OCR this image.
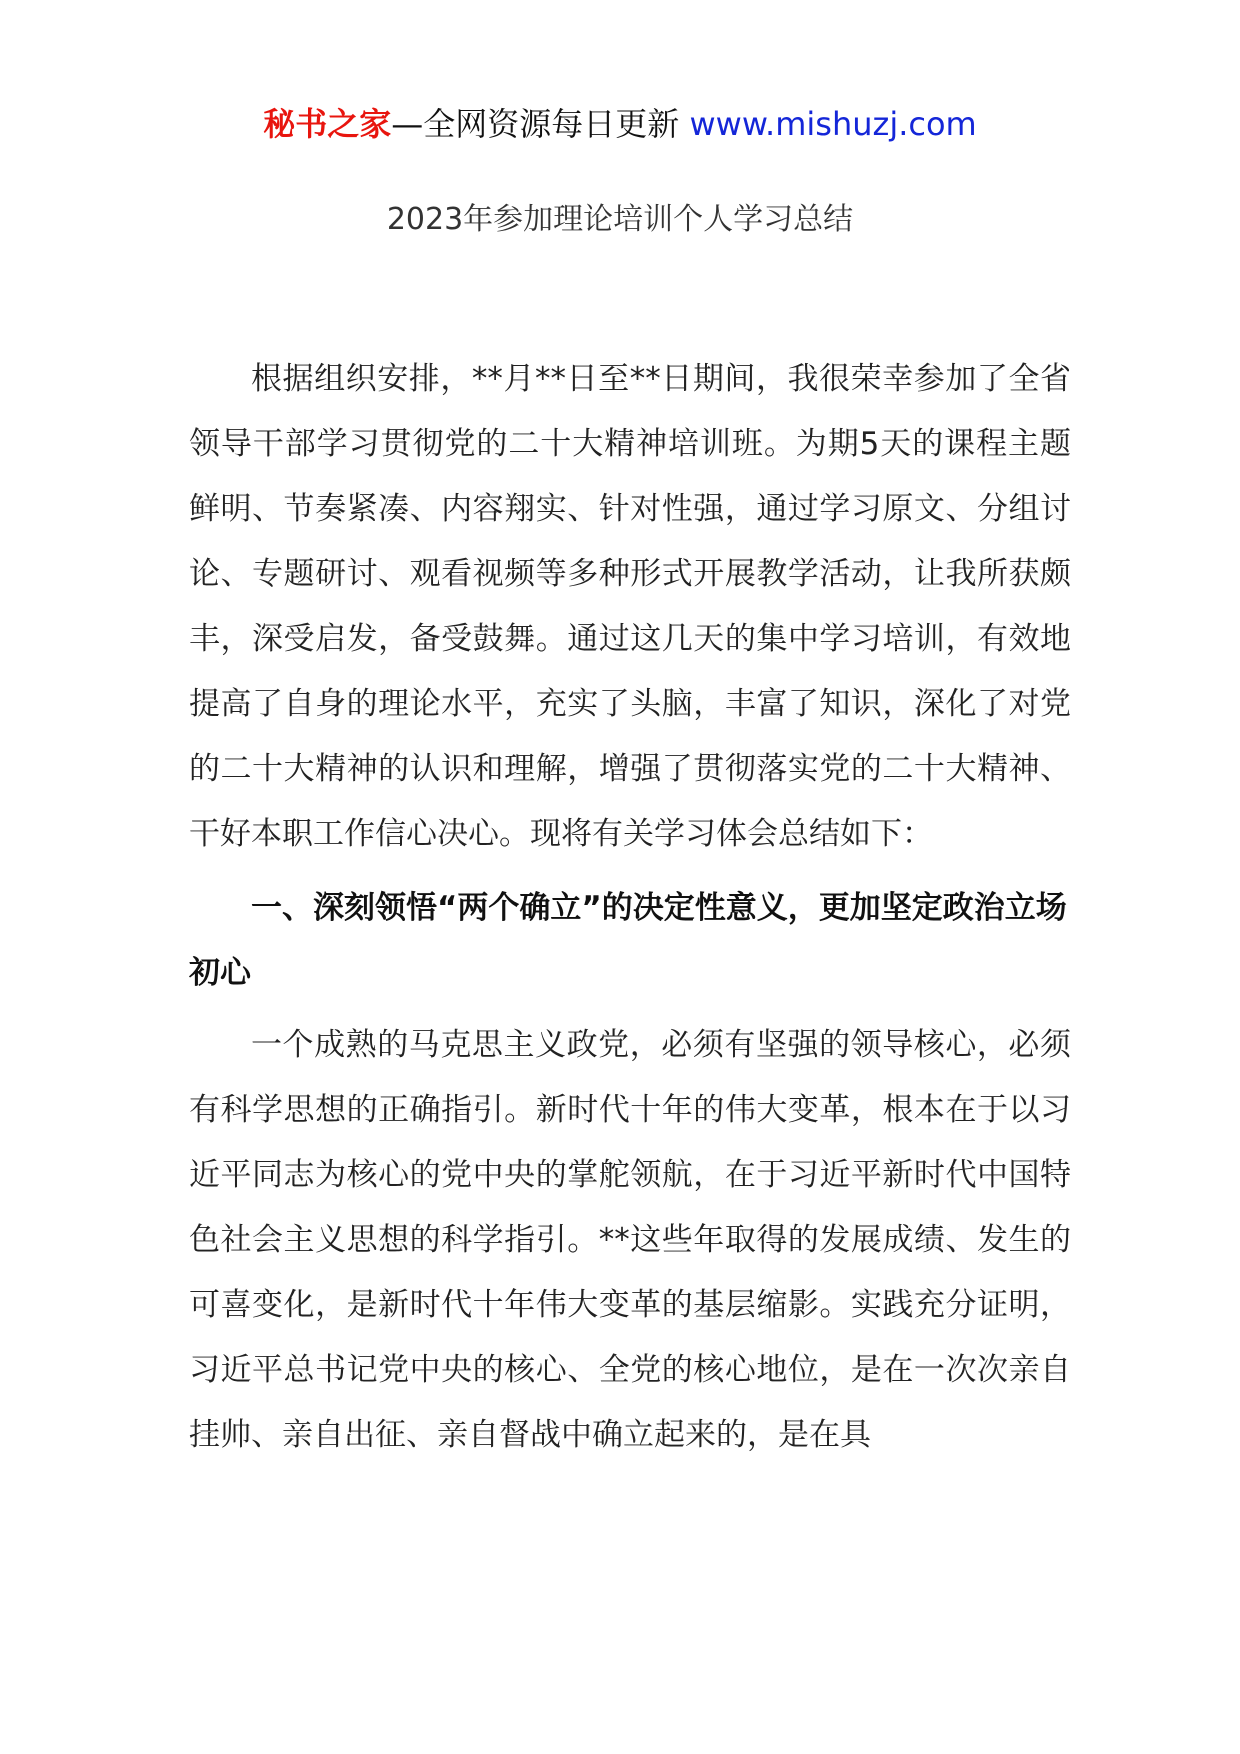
秘书之家—全网资源每日更新 www.mishuzj.com
2023年参加理论培训个人学习总结

根据组织安排，**月**日至**日期间，我很荣幸参加了全省领导干部学习贯彻党的二十大精神培训班。为期5天的课程主题鲜明、节奏紧凑、内容翔实、针对性强，通过学习原文、分组讨论、专题研讨、观看视频等多种形式开展教学活动，让我所获颇丰，深受启发，备受鼓舞。通过这几天的集中学习培训，有效地提高了自身的理论水平，充实了头脑，丰富了知识，深化了对党的二十大精神的认识和理解，增强了贯彻落实党的二十大精神、干好本职工作信心决心。现将有关学习体会总结如下：

一、深刻领悟“两个确立”的决定性意义，更加坚定政治立场初心

一个成熟的马克思主义政党，必须有坚强的领导核心，必须有科学思想的正确指引。新时代十年的伟大变革，根本在于以习近平同志为核心的党中央的掌舵领航，在于习近平新时代中国特色社会主义思想的科学指引。**这些年取得的发展成绩、发生的可喜变化，是新时代十年伟大变革的基层缩影。实践充分证明，习近平总书记党中央的核心、全党的核心地位，是在一次次亲自挂帅、亲自出征、亲自督战中确立起来的，是在具
